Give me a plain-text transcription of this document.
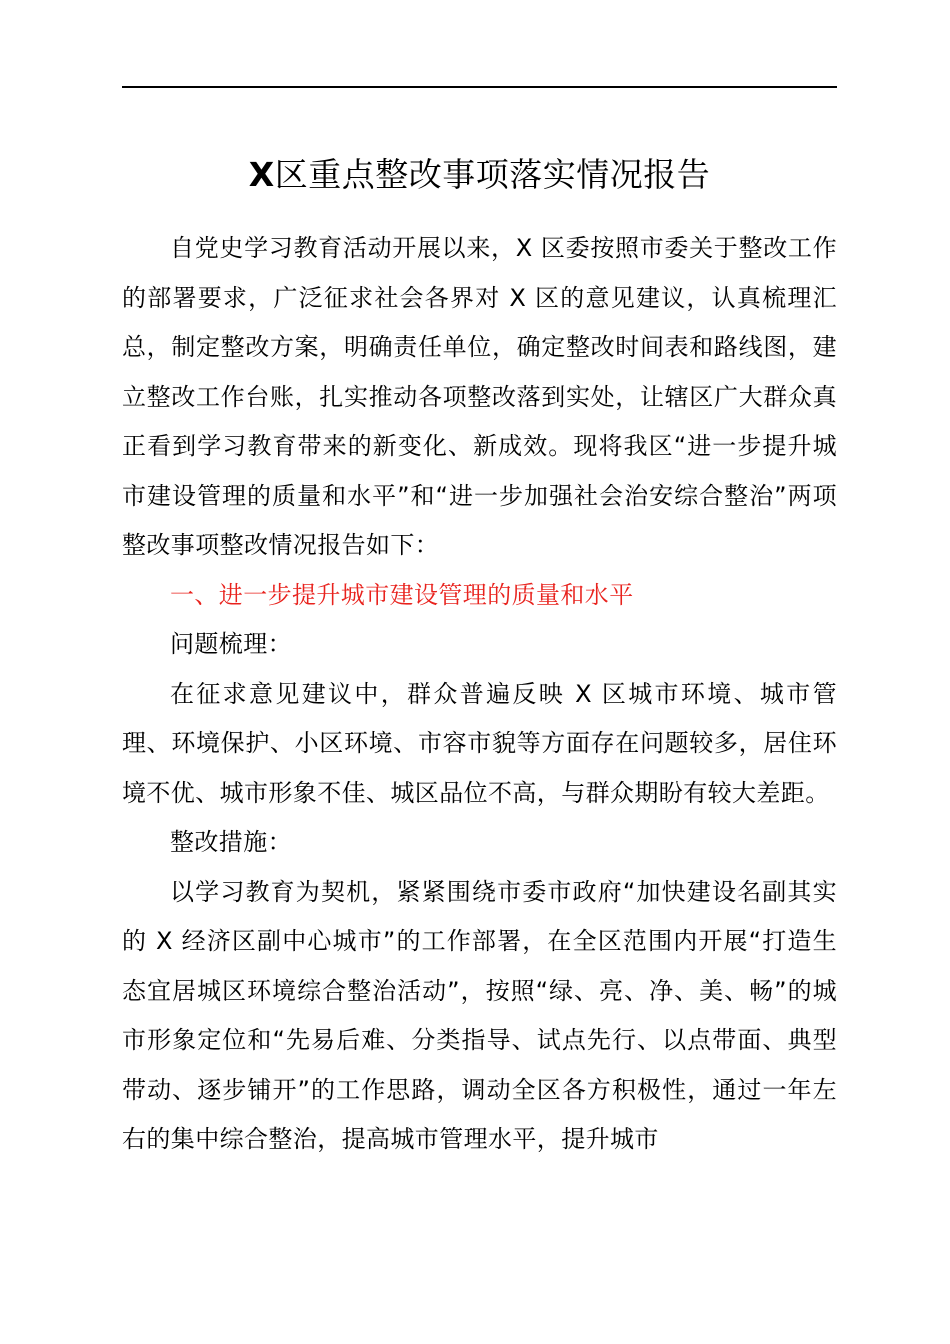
X区重点整改事项落实情况报告

自党史学习教育活动开展以来，X 区委按照市委关于整改工作的部署要求，广泛征求社会各界对 X 区的意见建议，认真梳理汇总，制定整改方案，明确责任单位，确定整改时间表和路线图，建立整改工作台账，扎实推动各项整改落到实处，让辖区广大群众真正看到学习教育带来的新变化、新成效。现将我区“进一步提升城市建设管理的质量和水平”和“进一步加强社会治安综合整治”两项整改事项整改情况报告如下：

一、进一步提升城市建设管理的质量和水平

问题梳理：

在征求意见建议中，群众普遍反映 X 区城市环境、城市管理、环境保护、小区环境、市容市貌等方面存在问题较多，居住环境不优、城市形象不佳、城区品位不高，与群众期盼有较大差距。

整改措施：

以学习教育为契机，紧紧围绕市委市政府“加快建设名副其实的 X 经济区副中心城市”的工作部署，在全区范围内开展“打造生态宜居城区环境综合整治活动”，按照“绿、亮、净、美、畅”的城市形象定位和“先易后难、分类指导、试点先行、以点带面、典型带动、逐步铺开”的工作思路，调动全区各方积极性，通过一年左右的集中综合整治，提高城市管理水平，提升城市
